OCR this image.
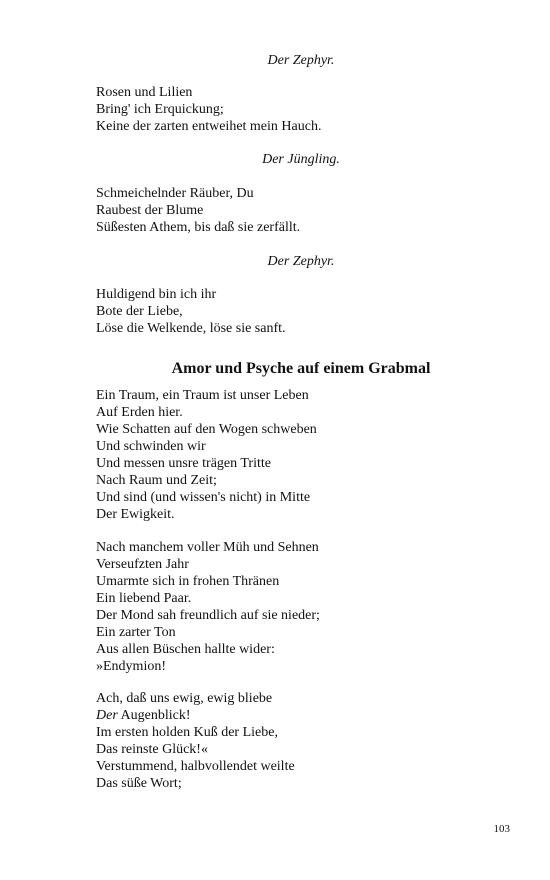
Der Zephyr.

Rosen und Lilien
Bring' ich Erquickung;
Keine der zarten entweihet mein Hauch.

Der Jüngling.

Schmeichelnder Räuber, Du
Raubest der Blume
Süßesten Athem, bis daß sie zerfällt.

Der Zephyr.

Huldigend bin ich ihr
Bote der Liebe,
Löse die Welkende, löse sie sanft.
Amor und Psyche auf einem Grabmal
Ein Traum, ein Traum ist unser Leben
Auf Erden hier.
Wie Schatten auf den Wogen schweben
Und schwinden wir
Und messen unsre trägen Tritte
Nach Raum und Zeit;
Und sind (und wissen's nicht) in Mitte
Der Ewigkeit.
Nach manchem voller Müh und Sehnen
Verseufzten Jahr
Umarmte sich in frohen Thränen
Ein liebend Paar.
Der Mond sah freundlich auf sie nieder;
Ein zarter Ton
Aus allen Büschen hallte wider:
»Endymion!
Ach, daß uns ewig, ewig bliebe
Der Augenblick!
Im ersten holden Kuß der Liebe,
Das reinste Glück!«
Verstummend, halbvollendet weilte
Das süße Wort;
103
